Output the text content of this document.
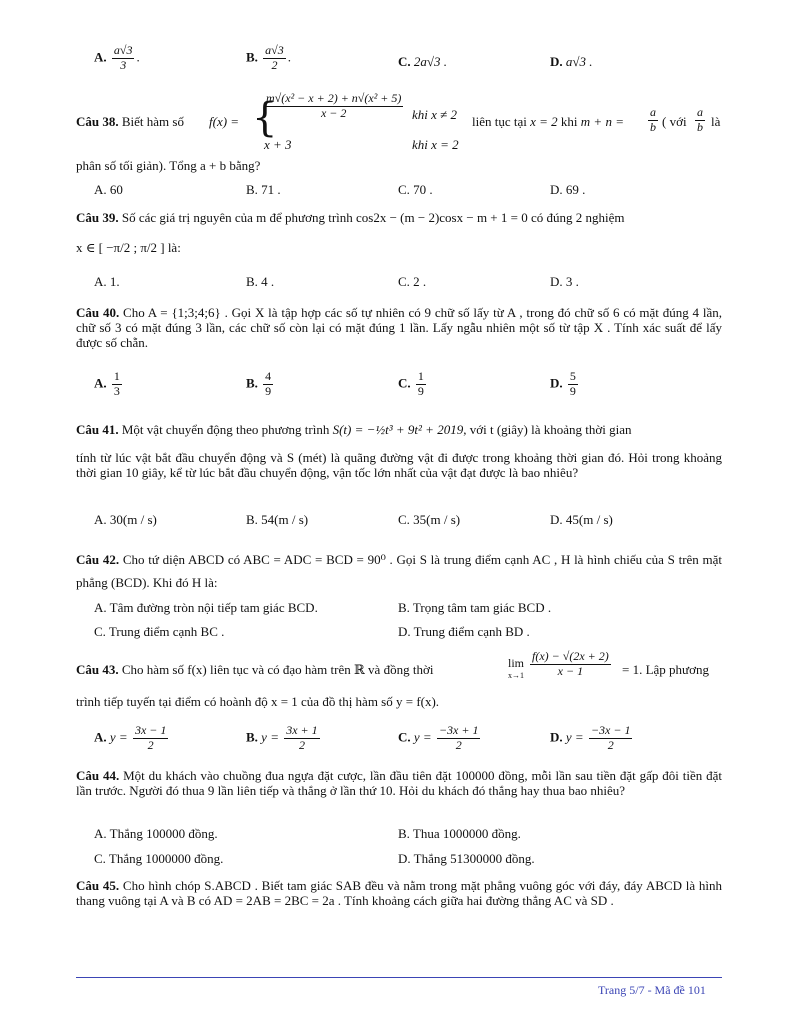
A. $\frac{a√3}{3}$ .	B. $\frac{a√3}{2}$ .	C. 2a√3 .	D. a√3 .
Câu 38. Biết hàm số f(x) = {
$\frac{\text{m√(x² − x + 2) + n√(x² + 5)}}{x - 2}$ khi x ≠ 2
x + 3	khi x = 2
liên tục tại x = 2 khi $m + n = \frac{a}{b}$ ( với $\frac{a}{b}$ là
phân số tối giản). Tổng a + b bằng?
A. 60	B. 71 .	C. 70 .	D. 69 .
Câu 39. Số các giá trị nguyên của m để phương trình cos2x − (m − 2)cosx − m + 1 = 0 có đúng 2 nghiệm
x ∈ [ −π/2 ; π/2 ] là:
A. 1.	B. 4 .	C. 2 .	D. 3 .
Câu 40. Cho A = {1;3;4;6} . Gọi X là tập hợp các số tự nhiên có 9 chữ số lấy từ A , trong đó chữ số 6 có mặt đúng 4 lần, chữ số 3 có mặt đúng 3 lần, các chữ số còn lại có mặt đúng 1 lần. Lấy ngẫu nhiên một số từ tập X . Tính xác suất để lấy được số chẵn.
A. $\frac{1}{3}$	B. $\frac{4}{9}$	C. $\frac{1}{9}$	D. $\frac{5}{9}$
Câu 41. Một vật chuyển động theo phương trình S(t) = −½t³ + 9t² + 2019, với t (giây) là khoảng thời gian
tính từ lúc vật bắt đầu chuyển động và S (mét) là quãng đường vật đi được trong khoảng thời gian đó. Hỏi trong khoảng thời gian 10 giây, kể từ lúc bắt đầu chuyển động, vận tốc lớn nhất của vật đạt được là bao nhiêu?
A. 30(m / s)	B. 54(m / s)	C. 35(m / s)	D. 45(m / s)
Câu 42. Cho tứ diện ABCD có ABC = ADC = BCD = 90⁰ . Gọi S là trung điểm cạnh AC , H là hình chiếu của S trên mặt phẳng (BCD). Khi đó H là:
A. Tâm đường tròn nội tiếp tam giác BCD.	B. Trọng tâm tam giác BCD .
C. Trung điểm cạnh BC .	D. Trung điểm cạnh BD .
Câu 43. Cho hàm số f(x) liên tục và có đạo hàm trên ℝ và đồng thời	lim
$x\to 1 \frac{f(x) - √(2x + 2)}{x - 1} = 1$. Lập phương
trình tiếp tuyến tại điểm có hoành độ x = 1 của đồ thị hàm số y = f(x).
A. $y = \frac{3x - 1}{2}$	B. $y = \frac{3x + 1}{2}$	C. $y = \frac{-3x + 1}{2}$	D. $y = \frac{-3x - 1}{2}$
Câu 44. Một du khách vào chuồng đua ngựa đặt cược, lần đầu tiên đặt 100000 đồng, mỗi lần sau tiền đặt gấp đôi tiền đặt lần trước. Người đó thua 9 lần liên tiếp và thắng ở lần thứ 10. Hỏi du khách đó thắng hay thua bao nhiêu?
A. Thắng 100000 đồng.	B. Thua 1000000 đồng.
C. Thắng 1000000 đồng.	D. Thắng 51300000 đồng.
Câu 45. Cho hình chóp S.ABCD . Biết tam giác SAB đều và nằm trong mặt phẳng vuông góc với đáy, đáy ABCD là hình thang vuông tại A và B có AD = 2AB = 2BC = 2a . Tính khoảng cách giữa hai đường thẳng AC và SD .
Trang 5/7 - Mã đề 101
